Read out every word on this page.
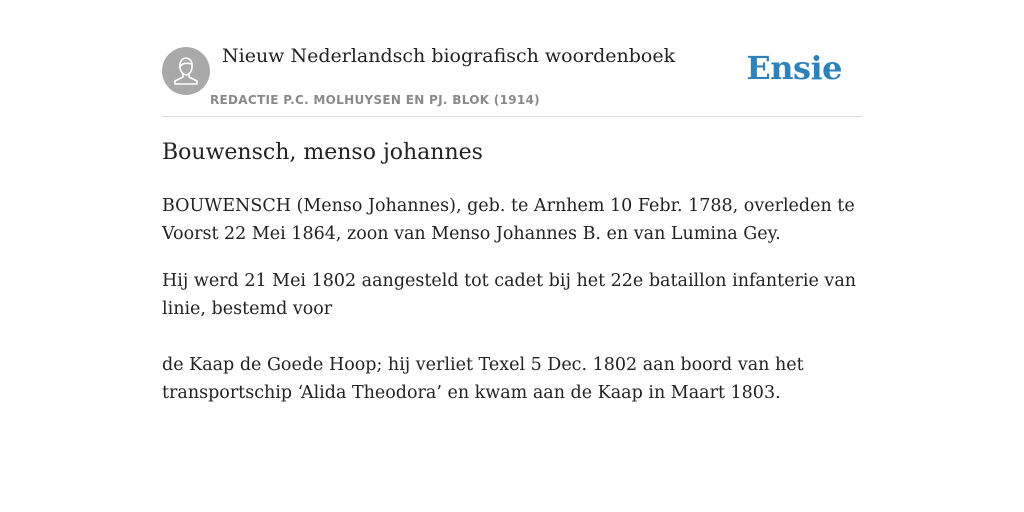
Nieuw Nederlandsch biografisch woordenboek
REDACTIE P.C. MOLHUYSEN EN PJ. BLOK (1914)
Ensie
Bouwensch, menso johannes

BOUWENSCH (Menso Johannes), geb. te Arnhem 10 Febr. 1788, overleden te Voorst 22 Mei 1864, zoon van Menso Johannes B. en van Lumina Gey.

Hij werd 21 Mei 1802 aangesteld tot cadet bij het 22e bataillon infanterie van linie, bestemd voor

de Kaap de Goede Hoop; hij verliet Texel 5 Dec. 1802 aan boord van het transportschip ‘Alida Theodora’ en kwam aan de Kaap in Maart 1803.
